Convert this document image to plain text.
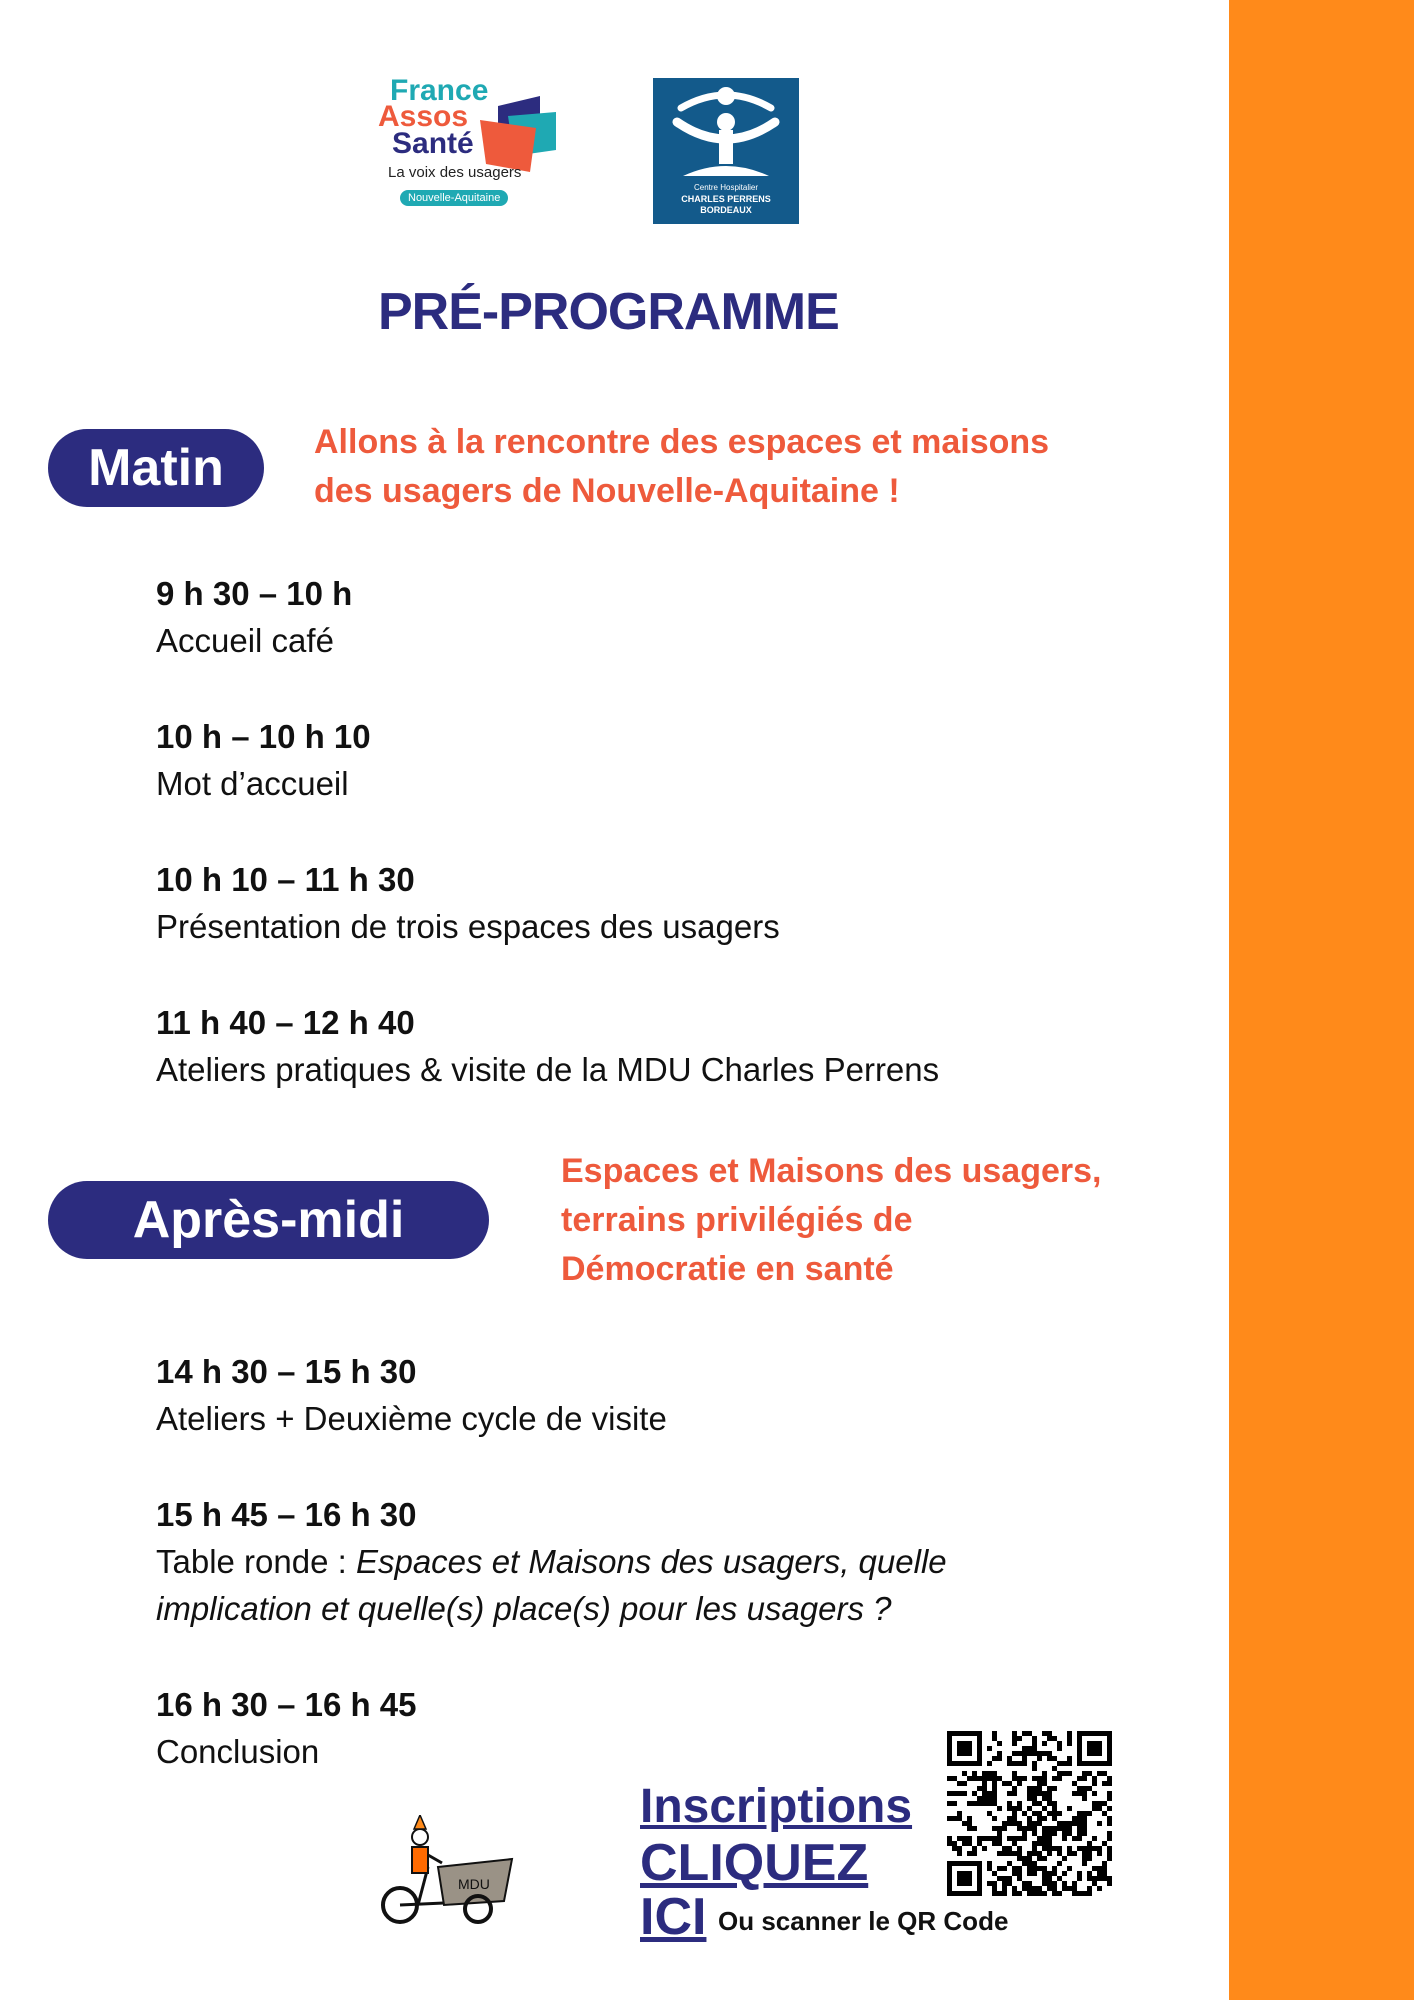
France
Assos
Santé
La voix des usagers
Nouvelle-Aquitaine
Centre Hospitalier
CHARLES PERRENS
BORDEAUX
PRÉ-PROGRAMME
Matin	Allons à la rencontre des espaces et maisons
des usagers de Nouvelle-Aquitaine !
9 h 30 – 10 h
Accueil café
10 h – 10 h 10
Mot d’accueil
10 h 10 – 11 h 30
Présentation de trois espaces des usagers
11 h 40 – 12 h 40
Ateliers pratiques & visite de la MDU Charles Perrens
Après-midi
Espaces et Maisons des usagers,
terrains privilégiés de
Démocratie en santé
14 h 30 – 15 h 30
Ateliers + Deuxième cycle de visite
15 h 45 – 16 h 30
Table ronde : Espaces et Maisons des usagers, quelle
implication et quelle(s) place(s) pour les usagers ?
16 h 30 – 16 h 45
Conclusion
MDU
Inscriptions
CLIQUEZ
ICI Ou scanner le QR Code
